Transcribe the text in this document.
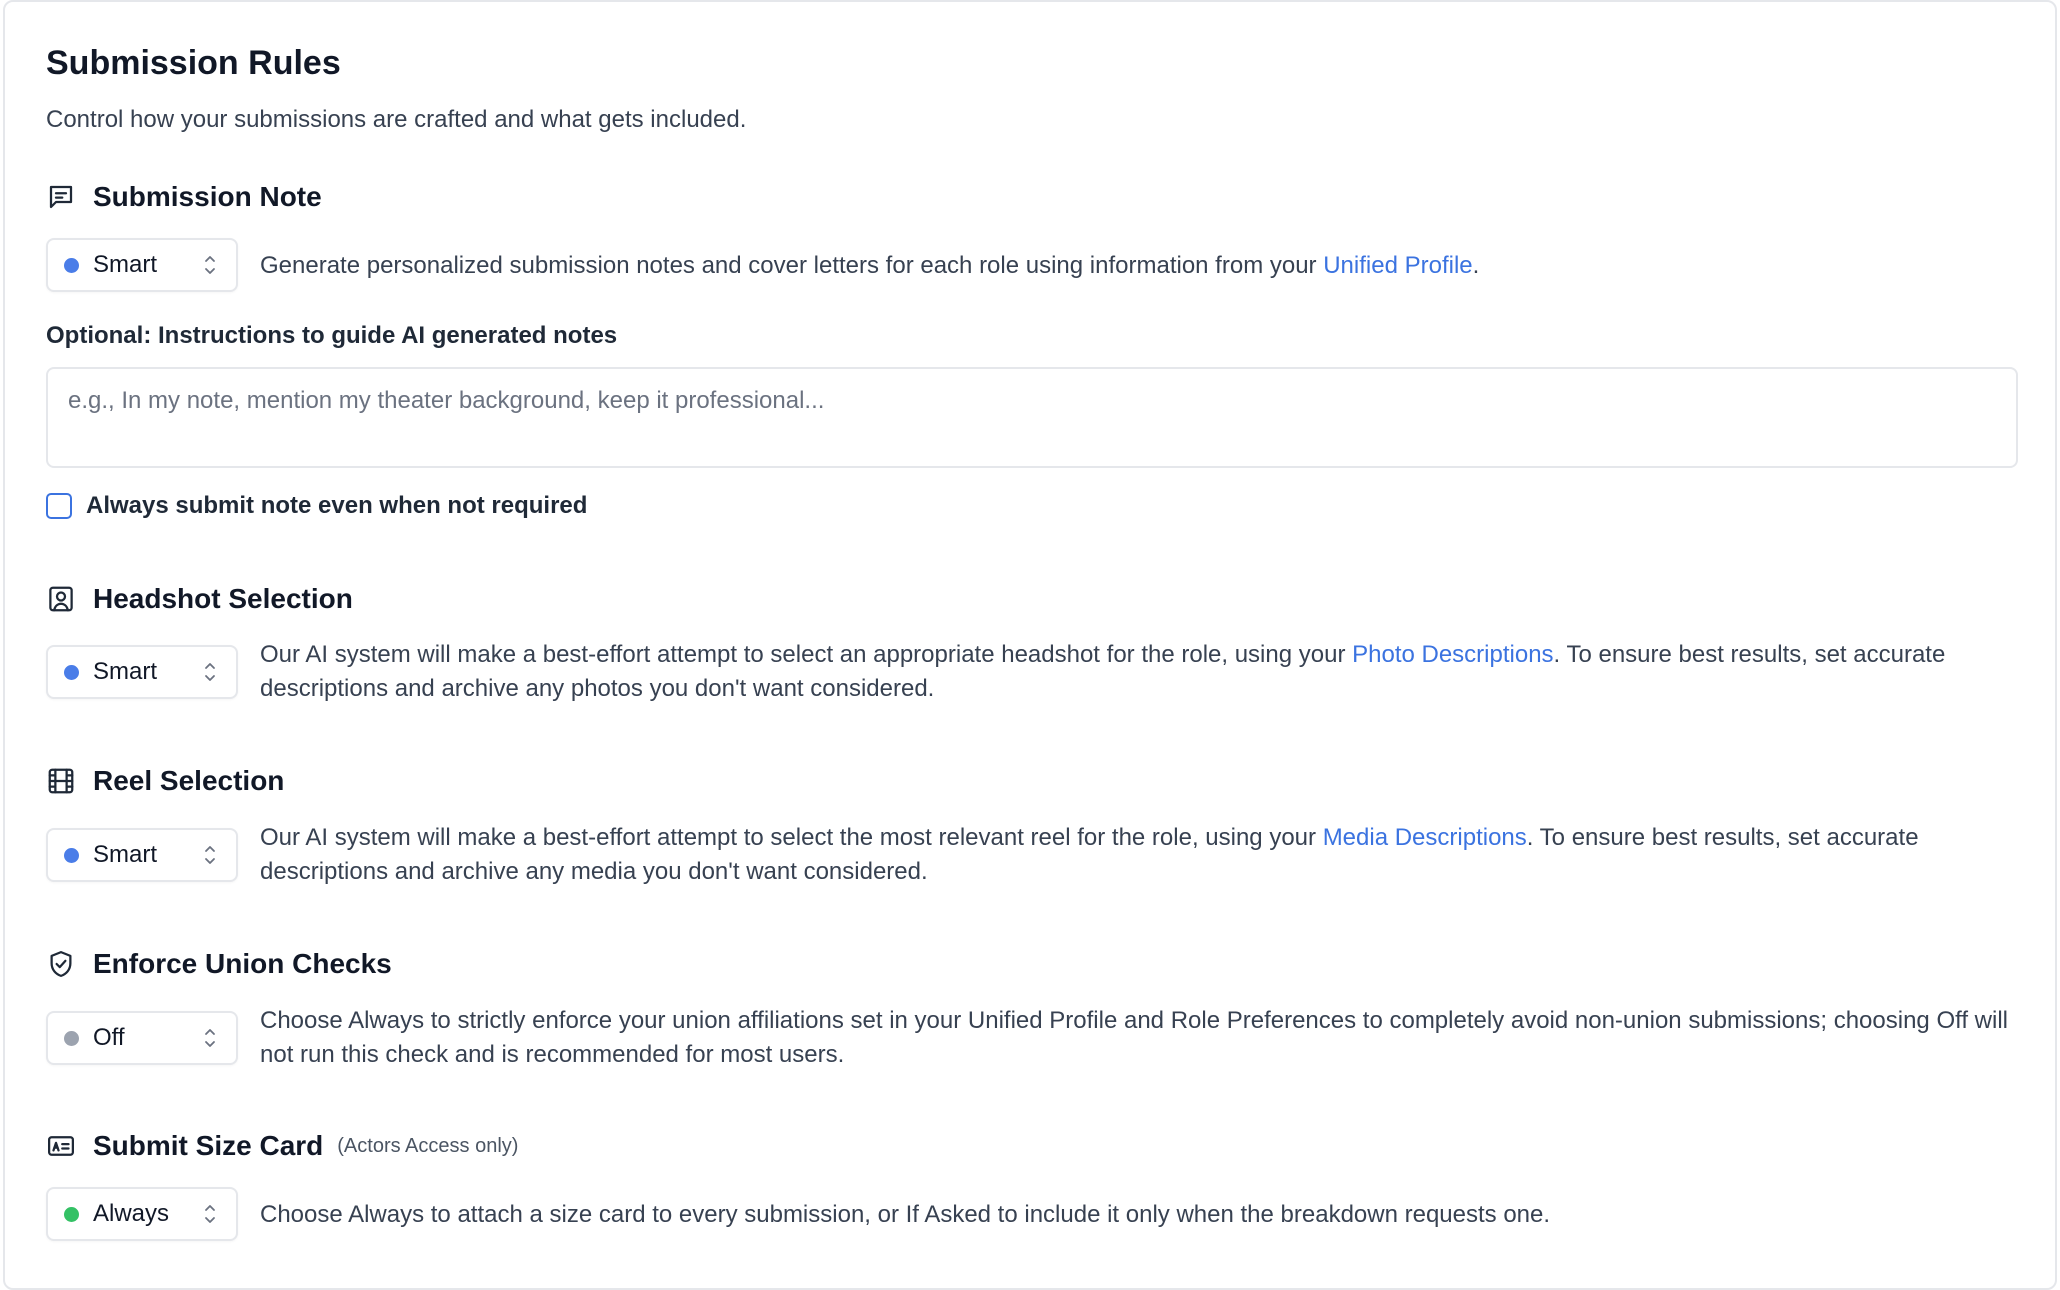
Submission Rules
Control how your submissions are crafted and what gets included.
Submission Note
Smart	Generate personalized submission notes and cover letters for each role using information from your Unified Profile.
Optional: Instructions to guide AI generated notes
e.g., In my note, mention my theater background, keep it professional...
Always submit note even when not required
Headshot Selection
Smart
Our AI system will make a best-effort attempt to select an appropriate headshot for the role, using your Photo Descriptions. To ensure best results, set accurate descriptions and archive any photos you don't want considered.
Reel Selection
Smart
Our AI system will make a best-effort attempt to select the most relevant reel for the role, using your Media Descriptions. To ensure best results, set accurate descriptions and archive any media you don't want considered.
Enforce Union Checks
Off
Choose Always to strictly enforce your union affiliations set in your Unified Profile and Role Preferences to completely avoid non-union submissions; choosing Off will not run this check and is recommended for most users.
Submit Size Card (Actors Access only)
Always	Choose Always to attach a size card to every submission, or If Asked to include it only when the breakdown requests one.
